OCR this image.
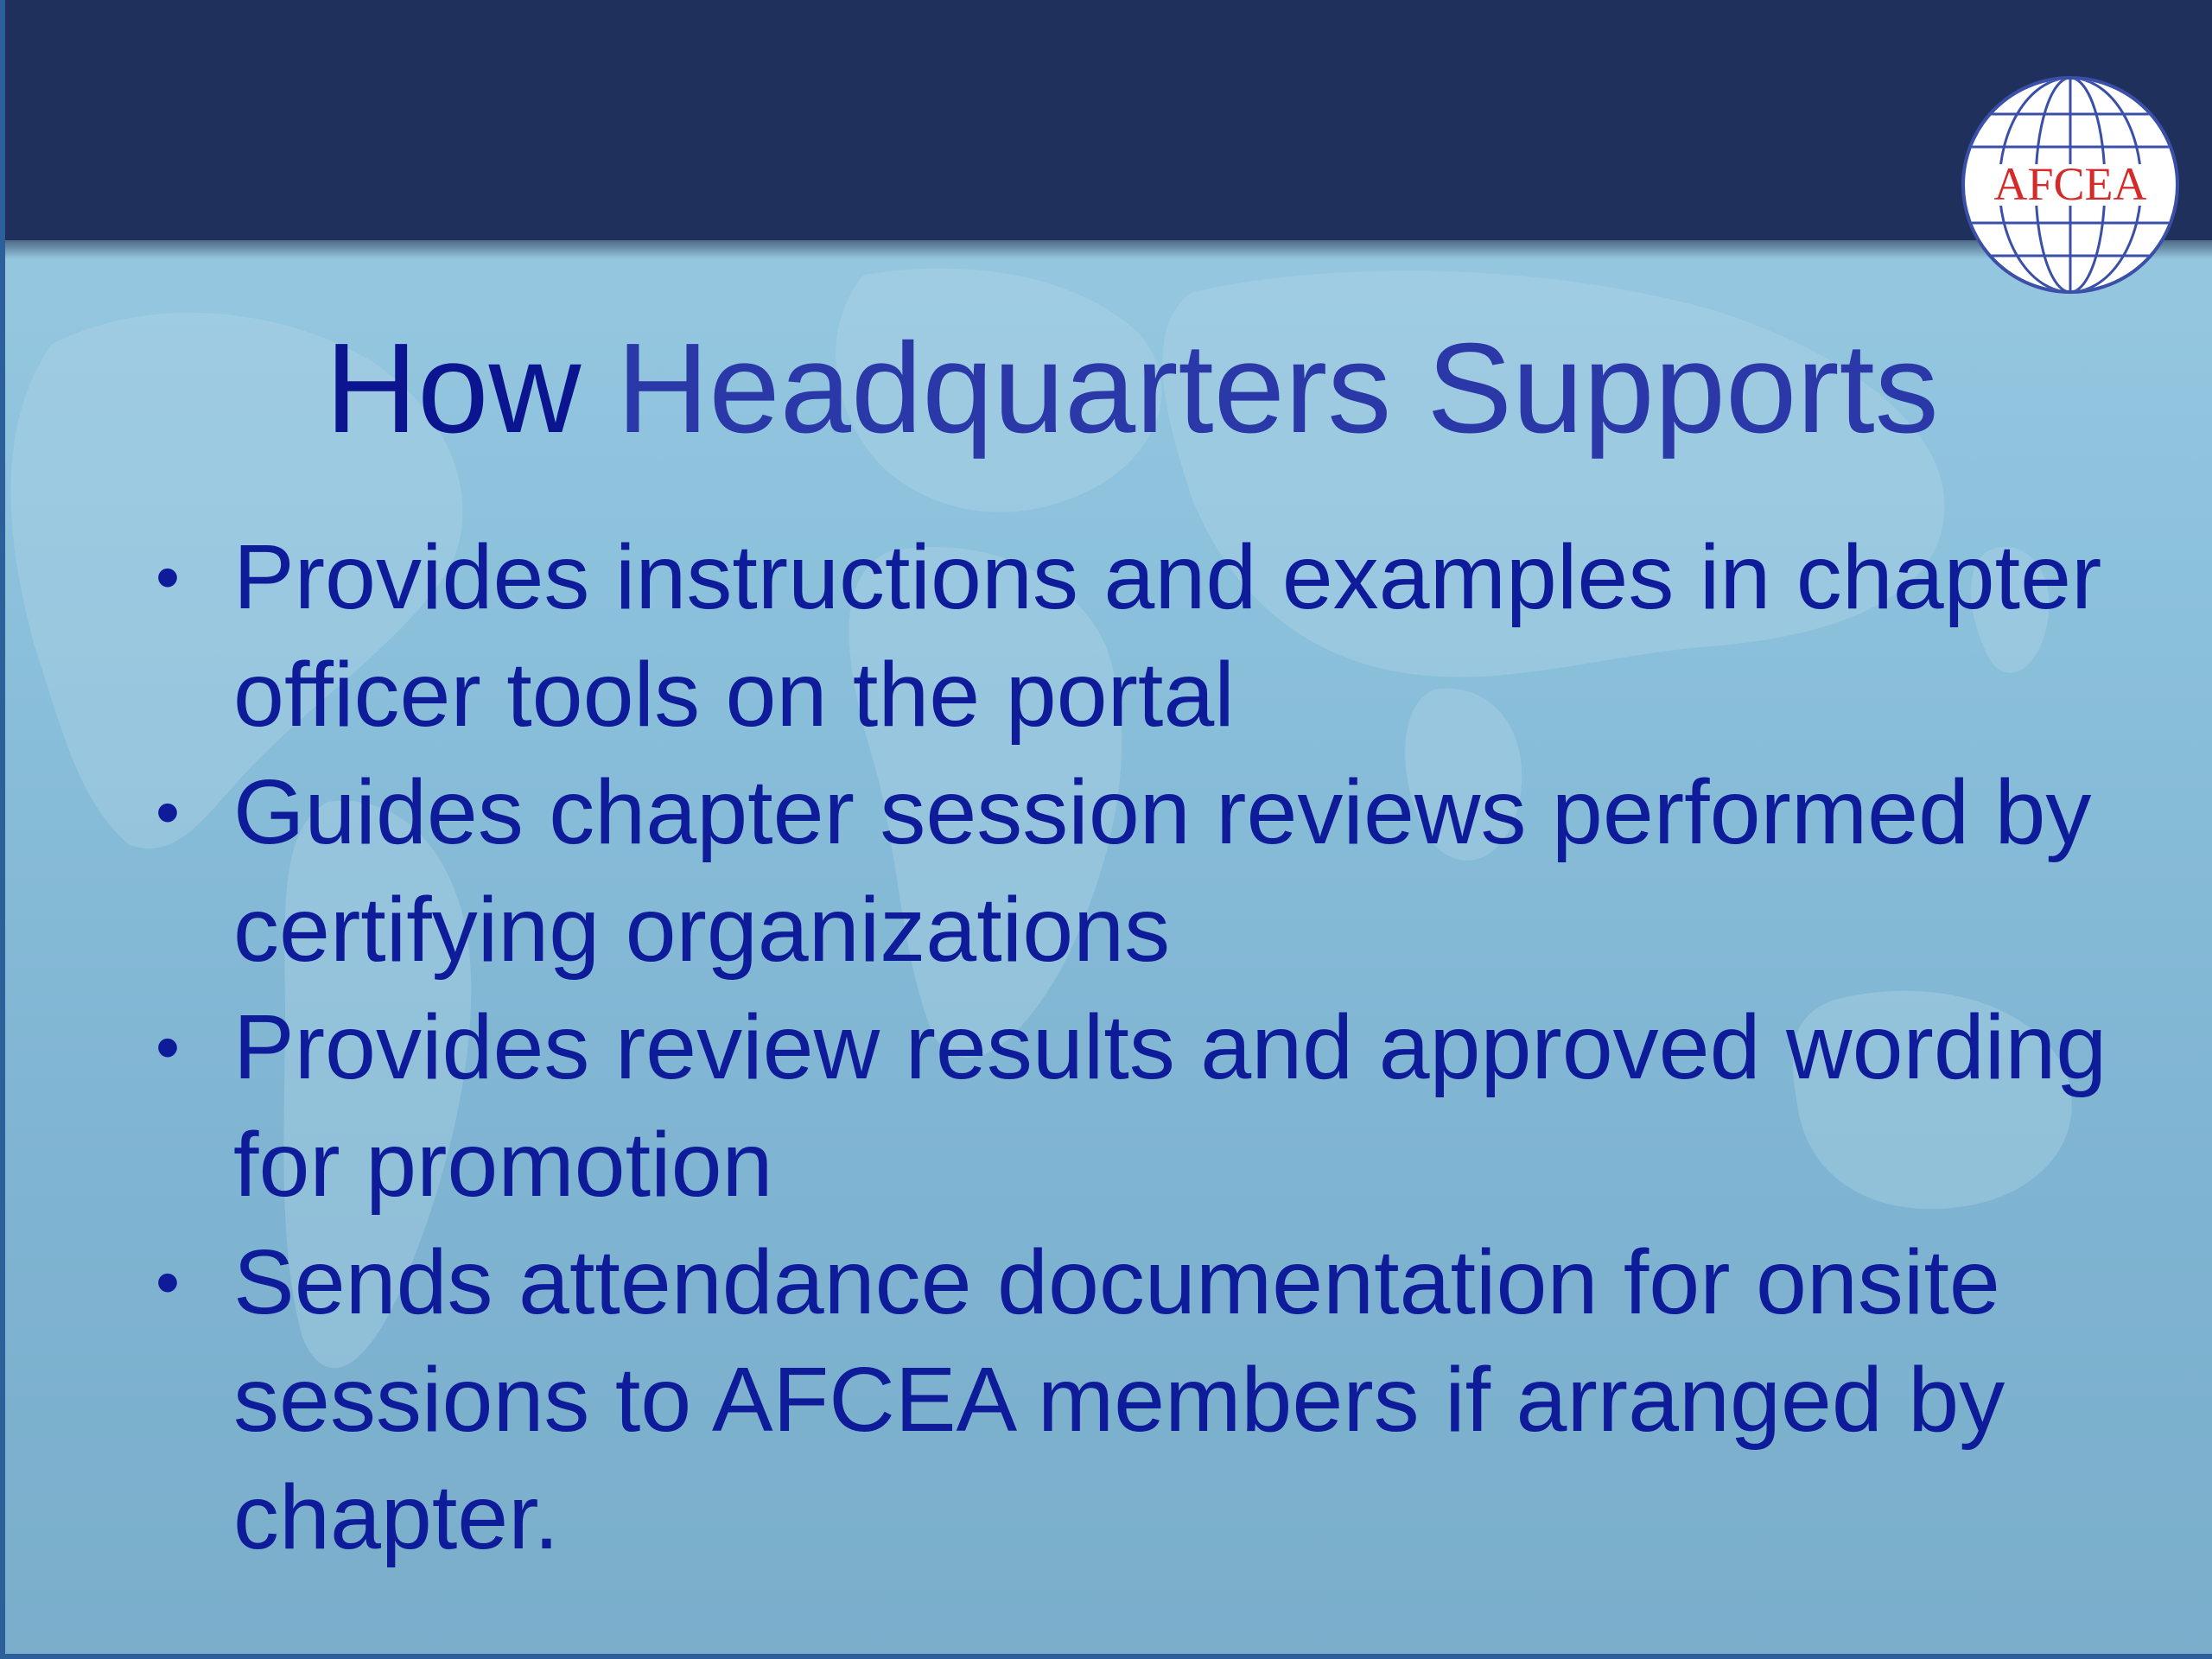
AFCEA
How Headquarters Supports
• Provides instructions and examples in chapter officer tools on the portal
• Guides chapter session reviews performed by certifying organizations
• Provides review results and approved wording for promotion
• Sends attendance documentation for onsite sessions to AFCEA members if arranged by chapter.
